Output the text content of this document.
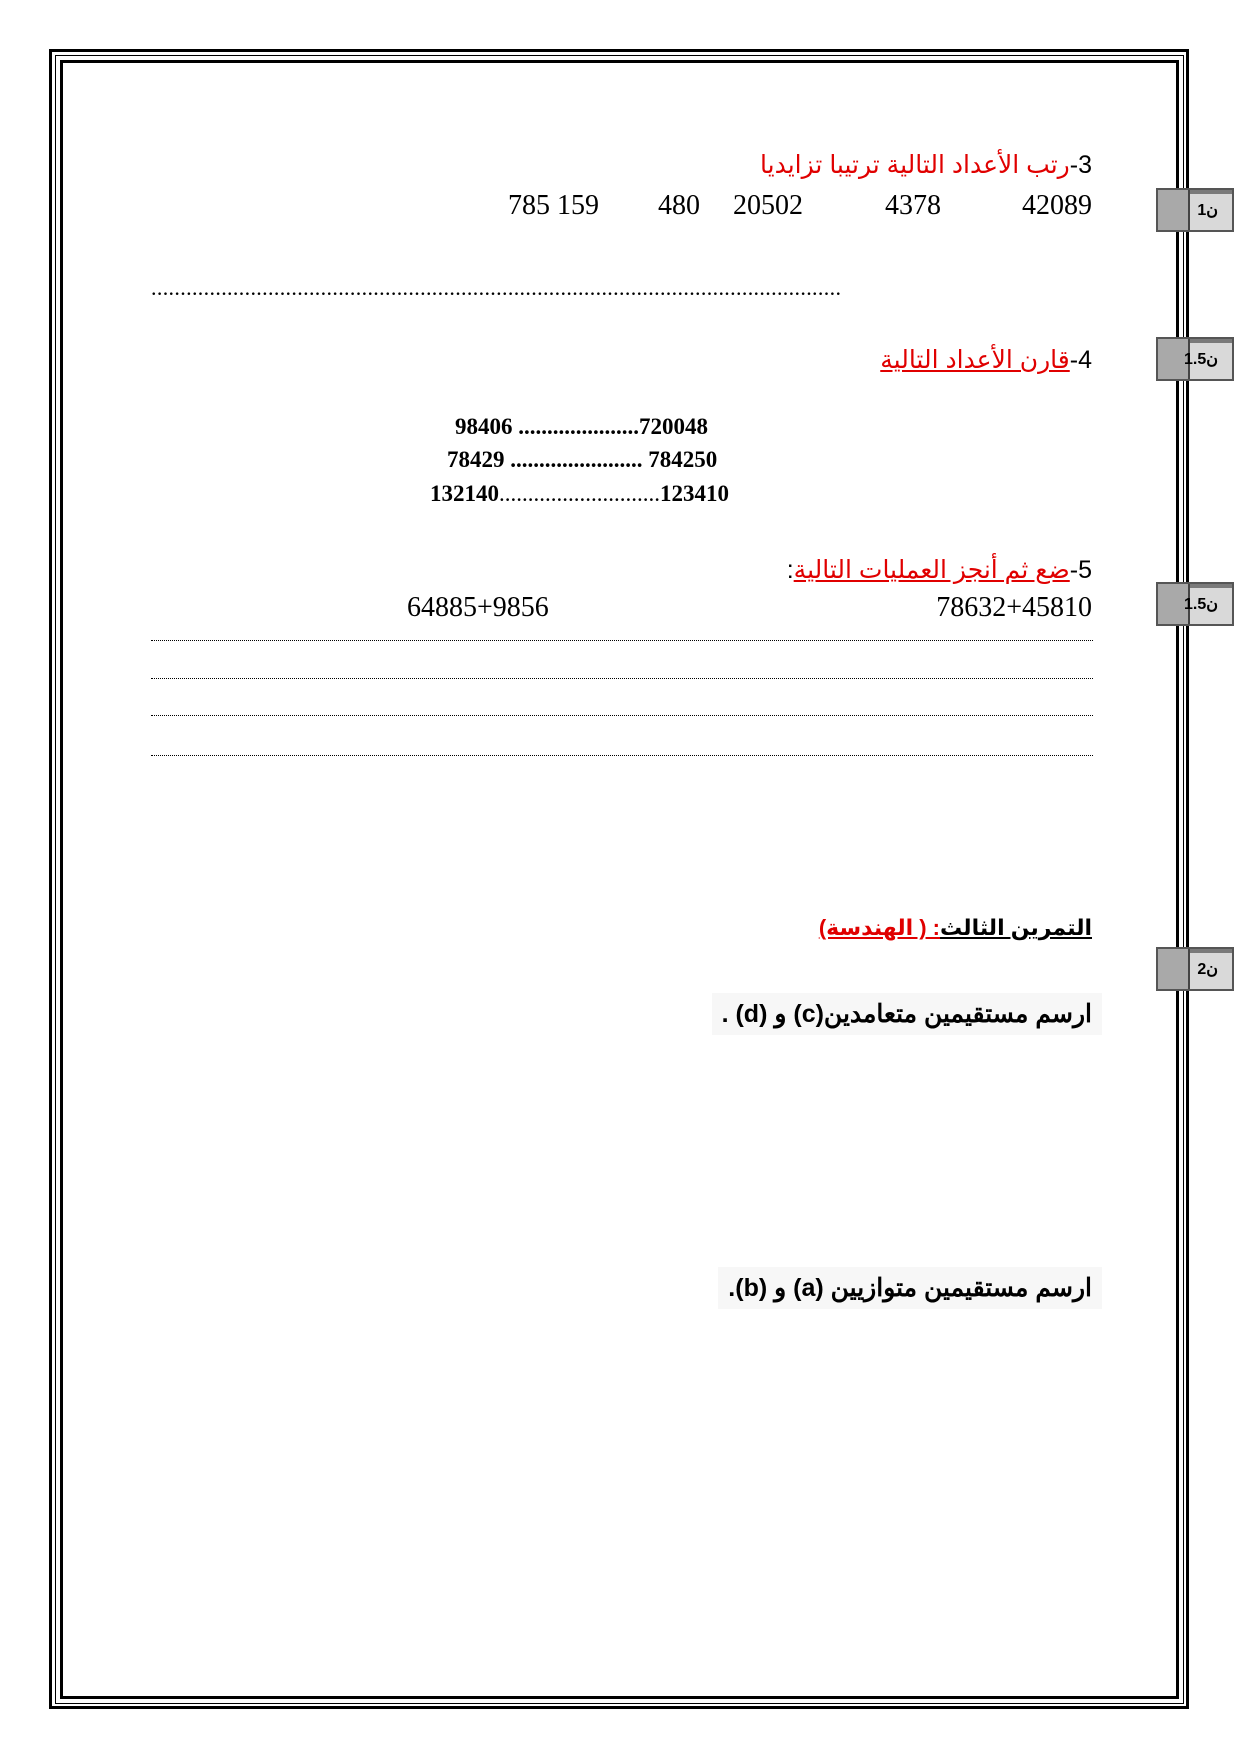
3-رتب الأعداد التالية ترتيبا تزايديا
42089
4378
20502
480
785 159
......................................................................................................................
4-قارن الأعداد التالية
98406 .....................720048
78429 ....................... 784250
132140............................123410
5-ضع ثم أنجز العمليات التالية:
78632+45810
64885+9856
التمرين الثالث: ( الهندسة)
ارسم مستقيمين متعامدين(c) و (d) .
ارسم مستقيمين متوازيين (a) و (b).
1ن
1.5ن
1.5ن
2ن
